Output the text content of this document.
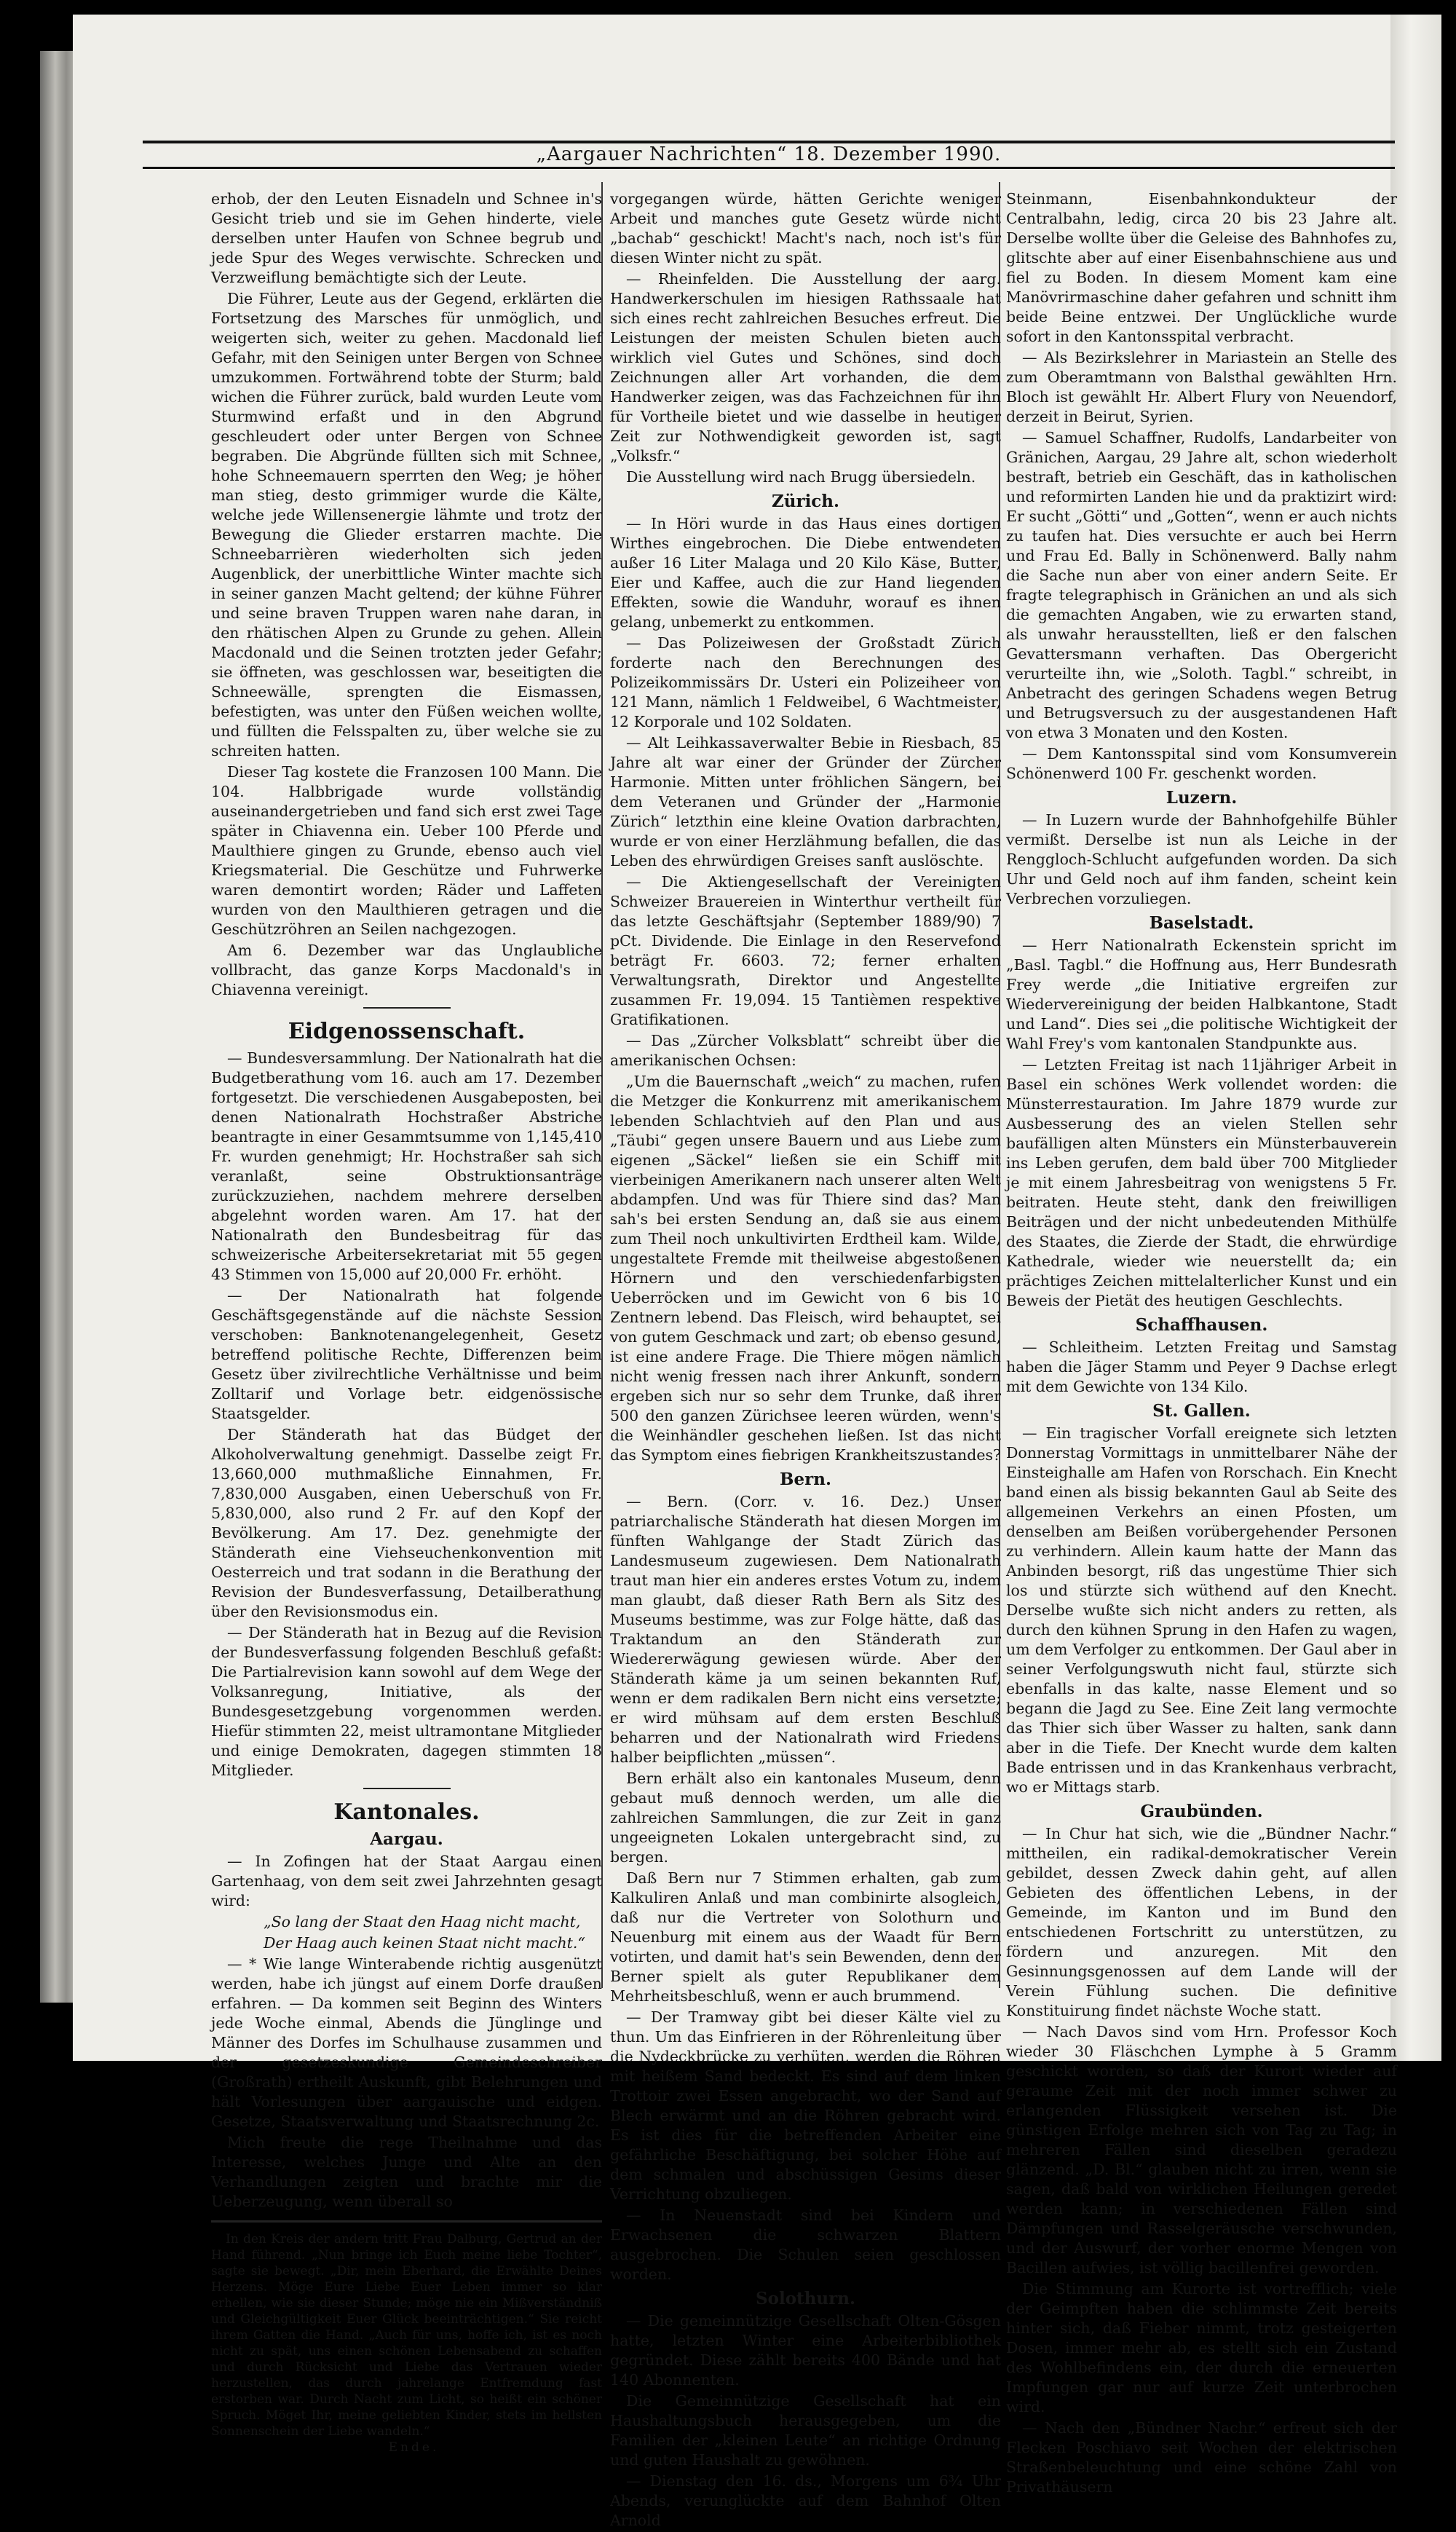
„Aargauer Nachrichten“ 18. Dezember 1990.

erhob, der den Leuten Eisnadeln und Schnee in's Gesicht trieb und sie im Gehen hinderte, viele derselben unter Haufen von Schnee begrub und jede Spur des Weges verwischte. Schrecken und Verzweiflung bemächtigte sich der Leute.

Die Führer, Leute aus der Gegend, erklärten die Fortsetzung des Marsches für unmöglich, und weigerten sich, weiter zu gehen. Macdonald lief Gefahr, mit den Seinigen unter Bergen von Schnee umzukommen. Fortwährend tobte der Sturm; bald wichen die Führer zurück, bald wurden Leute vom Sturmwind erfaßt und in den Abgrund geschleudert oder unter Bergen von Schnee begraben. Die Abgründe füllten sich mit Schnee, hohe Schneemauern sperrten den Weg; je höher man stieg, desto grimmiger wurde die Kälte, welche jede Willensenergie lähmte und trotz der Bewegung die Glieder erstarren machte. Die Schneebarrièren wiederholten sich jeden Augenblick, der unerbittliche Winter machte sich in seiner ganzen Macht geltend; der kühne Führer und seine braven Truppen waren nahe daran, in den rhätischen Alpen zu Grunde zu gehen. Allein Macdonald und die Seinen trotzten jeder Gefahr; sie öffneten, was geschlossen war, beseitigten die Schneewälle, sprengten die Eismassen, befestigten, was unter den Füßen weichen wollte, und füllten die Felsspalten zu, über welche sie zu schreiten hatten.

Dieser Tag kostete die Franzosen 100 Mann. Die 104. Halbbrigade wurde vollständig auseinandergetrieben und fand sich erst zwei Tage später in Chiavenna ein. Ueber 100 Pferde und Maulthiere gingen zu Grunde, ebenso auch viel Kriegsmaterial. Die Geschütze und Fuhrwerke waren demontirt worden; Räder und Laffeten wurden von den Maulthieren getragen und die Geschützröhren an Seilen nachgezogen.

Am 6. Dezember war das Unglaubliche vollbracht, das ganze Korps Macdonald's in Chiavenna vereinigt.

Eidgenossenschaft.

— Bundesversammlung. Der Nationalrath hat die Budgetberathung vom 16. auch am 17. Dezember fortgesetzt. Die verschiedenen Ausgabeposten, bei denen Nationalrath Hochstraßer Abstriche beantragte in einer Gesammtsumme von 1,145,410 Fr. wurden genehmigt; Hr. Hochstraßer sah sich veranlaßt, seine Obstruktionsanträge zurückzuziehen, nachdem mehrere derselben abgelehnt worden waren. Am 17. hat der Nationalrath den Bundesbeitrag für das schweizerische Arbeitersekretariat mit 55 gegen 43 Stimmen von 15,000 auf 20,000 Fr. erhöht.

— Der Nationalrath hat folgende Geschäftsgegenstände auf die nächste Session verschoben: Banknotenangelegenheit, Gesetz betreffend politische Rechte, Differenzen beim Gesetz über zivilrechtliche Verhältnisse und beim Zolltarif und Vorlage betr. eidgenössische Staatsgelder.

Der Ständerath hat das Büdget der Alkoholverwaltung genehmigt. Dasselbe zeigt Fr. 13,660,000 muthmaßliche Einnahmen, Fr. 7,830,000 Ausgaben, einen Ueberschuß von Fr. 5,830,000, also rund 2 Fr. auf den Kopf der Bevölkerung. Am 17. Dez. genehmigte der Ständerath eine Viehseuchenkonvention mit Oesterreich und trat sodann in die Berathung der Revision der Bundesverfassung, Detailberathung über den Revisionsmodus ein.

— Der Ständerath hat in Bezug auf die Revision der Bundesverfassung folgenden Beschluß gefaßt: Die Partialrevision kann sowohl auf dem Wege der Volksanregung, Initiative, als der Bundesgesetzgebung vorgenommen werden. Hiefür stimmten 22, meist ultramontane Mitglieder und einige Demokraten, dagegen stimmten 18 Mitglieder.

Kantonales.
Aargau.

— In Zofingen hat der Staat Aargau einen Gartenhaag, von dem seit zwei Jahrzehnten gesagt wird:

„So lang der Staat den Haag nicht macht,

Der Haag auch keinen Staat nicht macht.“

— * Wie lange Winterabende richtig ausgenützt werden, habe ich jüngst auf einem Dorfe draußen erfahren. — Da kommen seit Beginn des Winters jede Woche einmal, Abends die Jünglinge und Männer des Dorfes im Schulhause zusammen und der gesetzeskundige Gemeindeschreiber (Großrath) ertheilt Auskunft, gibt Belehrungen und hält Vorlesungen über aargauische und eidgen. Gesetze, Staatsverwaltung und Staatsrechnung 2c.

Mich freute die rege Theilnahme und das Interesse, welches Junge und Alte an den Verhandlungen zeigten und brachte mir die Ueberzeugung, wenn überall so

In den Kreis der andern tritt Frau Dalburg, Gertrud an der Hand führend. „Nun bringe ich Euch meine liebe Tochter“, sagte sie bewegt. „Dir, mein Eberhard, die Erwählte Deines Herzens. Möge Eure Liebe Euer Leben immer so klar erhellen, wie sie dieser Stunde; möge nie ein Mißverständniß und Gleichgültigkeit Euer Glück beeinträchtigen.“ Sie reicht ihrem Gatten die Hand. „Auch für uns, hoffe ich, ist es noch nicht zu spät, uns einen schönen Lebensabend zu schaffen und durch Rücksicht und Liebe das Vertrauen wieder herzustellen, das durch jahrelange Entfremdung fast erstorben war. Durch Nacht zum Licht, so heißt ein schöner Spruch. Möget Ihr, meine geliebten Kinder, stets im hellsten Sonnenschein der Liebe wandeln.“

Ende.

vorgegangen würde, hätten Gerichte weniger Arbeit und manches gute Gesetz würde nicht „bachab“ geschickt! Macht's nach, noch ist's für diesen Winter nicht zu spät.

— Rheinfelden. Die Ausstellung der aarg. Handwerkerschulen im hiesigen Rathssaale hat sich eines recht zahlreichen Besuches erfreut. Die Leistungen der meisten Schulen bieten auch wirklich viel Gutes und Schönes, sind doch Zeichnungen aller Art vorhanden, die dem Handwerker zeigen, was das Fachzeichnen für ihn für Vortheile bietet und wie dasselbe in heutiger Zeit zur Nothwendigkeit geworden ist, sagt „Volksfr.“

Die Ausstellung wird nach Brugg übersiedeln.

Zürich.

— In Höri wurde in das Haus eines dortigen Wirthes eingebrochen. Die Diebe entwendeten außer 16 Liter Malaga und 20 Kilo Käse, Butter, Eier und Kaffee, auch die zur Hand liegenden Effekten, sowie die Wanduhr, worauf es ihnen gelang, unbemerkt zu entkommen.

— Das Polizeiwesen der Großstadt Zürich forderte nach den Berechnungen des Polizeikommissärs Dr. Usteri ein Polizeiheer von 121 Mann, nämlich 1 Feldweibel, 6 Wachtmeister, 12 Korporale und 102 Soldaten.

— Alt Leihkassaverwalter Bebie in Riesbach, 85 Jahre alt war einer der Gründer der Zürcher Harmonie. Mitten unter fröhlichen Sängern, bei dem Veteranen und Gründer der „Harmonie Zürich“ letzthin eine kleine Ovation darbrachten, wurde er von einer Herzlähmung befallen, die das Leben des ehrwürdigen Greises sanft auslöschte.

— Die Aktiengesellschaft der Vereinigten Schweizer Brauereien in Winterthur vertheilt für das letzte Geschäftsjahr (September 1889/90) 7 pCt. Dividende. Die Einlage in den Reservefond beträgt Fr. 6603. 72; ferner erhalten Verwaltungsrath, Direktor und Angestellte zusammen Fr. 19,094. 15 Tantièmen respektive Gratifikationen.

— Das „Zürcher Volksblatt“ schreibt über die amerikanischen Ochsen:

„Um die Bauernschaft „weich“ zu machen, rufen die Metzger die Konkurrenz mit amerikanischem lebenden Schlachtvieh auf den Plan und aus „Täubi“ gegen unsere Bauern und aus Liebe zum eigenen „Säckel“ ließen sie ein Schiff mit vierbeinigen Amerikanern nach unserer alten Welt abdampfen. Und was für Thiere sind das? Man sah's bei ersten Sendung an, daß sie aus einem zum Theil noch unkultivirten Erdtheil kam. Wilde, ungestaltete Fremde mit theilweise abgestoßenen Hörnern und den verschiedenfarbigsten Ueberröcken und im Gewicht von 6 bis 10 Zentnern lebend. Das Fleisch, wird behauptet, sei von gutem Geschmack und zart; ob ebenso gesund, ist eine andere Frage. Die Thiere mögen nämlich nicht wenig fressen nach ihrer Ankunft, sondern ergeben sich nur so sehr dem Trunke, daß ihrer 500 den ganzen Zürichsee leeren würden, wenn's die Weinhändler geschehen ließen. Ist das nicht das Symptom eines fiebrigen Krankheitszustandes?

Bern.

— Bern. (Corr. v. 16. Dez.) Unser patriarchalische Ständerath hat diesen Morgen im fünften Wahlgange der Stadt Zürich das Landesmuseum zugewiesen. Dem Nationalrath traut man hier ein anderes erstes Votum zu, indem man glaubt, daß dieser Rath Bern als Sitz des Museums bestimme, was zur Folge hätte, daß das Traktandum an den Ständerath zur Wiedererwägung gewiesen würde. Aber der Ständerath käme ja um seinen bekannten Ruf, wenn er dem radikalen Bern nicht eins versetzte; er wird mühsam auf dem ersten Beschluß beharren und der Nationalrath wird Friedens halber beipflichten „müssen“.

Bern erhält also ein kantonales Museum, denn gebaut muß dennoch werden, um alle die zahlreichen Sammlungen, die zur Zeit in ganz ungeeigneten Lokalen untergebracht sind, zu bergen.

Daß Bern nur 7 Stimmen erhalten, gab zum Kalkuliren Anlaß und man combinirte alsogleich, daß nur die Vertreter von Solothurn und Neuenburg mit einem aus der Waadt für Bern votirten, und damit hat's sein Bewenden, denn der Berner spielt als guter Republikaner dem Mehrheitsbeschluß, wenn er auch brummend.

— Der Tramway gibt bei dieser Kälte viel zu thun. Um das Einfrieren in der Röhrenleitung über die Nydeckbrücke zu verhüten, werden die Röhren mit heißem Sand bedeckt. Es sind auf dem linken Trottoir zwei Essen angebracht, wo der Sand auf Blech erwärmt und an die Röhren gebracht wird. Es ist dies für die betreffenden Arbeiter eine gefährliche Beschäftigung, bei solcher Höhe auf dem schmalen und abschüssigen Gesims dieser Verrichtung obzuliegen.

— In Neuenstadt sind bei Kindern und Erwachsenen die schwarzen Blattern ausgebrochen. Die Schulen seien geschlossen worden.

Solothurn.

— Die gemeinnützige Gesellschaft Olten-Gösgen hatte, letzten Winter eine Arbeiterbibliothek gegründet. Diese zählt bereits 400 Bände und hat 140 Abonnenten.

Die Gemeinnützige Gesellschaft hat ein Haushaltungsbuch herausgegeben, um die Familien der „kleinen Leute“ an richtige Ordnung und guten Haushalt zu gewöhnen.

— Dienstag den 16. ds., Morgens um 6¾ Uhr Abends, verunglückte auf dem Bahnhof Olten Arnold

Steinmann, Eisenbahnkondukteur der Centralbahn, ledig, circa 20 bis 23 Jahre alt. Derselbe wollte über die Geleise des Bahnhofes zu, glitschte aber auf einer Eisenbahnschiene aus und fiel zu Boden. In diesem Moment kam eine Manövrirmaschine daher gefahren und schnitt ihm beide Beine entzwei. Der Unglückliche wurde sofort in den Kantonsspital verbracht.

— Als Bezirkslehrer in Mariastein an Stelle des zum Oberamtmann von Balsthal gewählten Hrn. Bloch ist gewählt Hr. Albert Flury von Neuendorf, derzeit in Beirut, Syrien.

— Samuel Schaffner, Rudolfs, Landarbeiter von Gränichen, Aargau, 29 Jahre alt, schon wiederholt bestraft, betrieb ein Geschäft, das in katholischen und reformirten Landen hie und da praktizirt wird: Er sucht „Götti“ und „Gotten“, wenn er auch nichts zu taufen hat. Dies versuchte er auch bei Herrn und Frau Ed. Bally in Schönenwerd. Bally nahm die Sache nun aber von einer andern Seite. Er fragte telegraphisch in Gränichen an und als sich die gemachten Angaben, wie zu erwarten stand, als unwahr herausstellten, ließ er den falschen Gevattersmann verhaften. Das Obergericht verurteilte ihn, wie „Soloth. Tagbl.“ schreibt, in Anbetracht des geringen Schadens wegen Betrug und Betrugsversuch zu der ausgestandenen Haft von etwa 3 Monaten und den Kosten.

— Dem Kantonsspital sind vom Konsumverein Schönenwerd 100 Fr. geschenkt worden.

Luzern.

— In Luzern wurde der Bahnhofgehilfe Bühler vermißt. Derselbe ist nun als Leiche in der Renggloch-Schlucht aufgefunden worden. Da sich Uhr und Geld noch auf ihm fanden, scheint kein Verbrechen vorzuliegen.

Baselstadt.

— Herr Nationalrath Eckenstein spricht im „Basl. Tagbl.“ die Hoffnung aus, Herr Bundesrath Frey werde „die Initiative ergreifen zur Wiedervereinigung der beiden Halbkantone, Stadt und Land“. Dies sei „die politische Wichtigkeit der Wahl Frey's vom kantonalen Standpunkte aus.

— Letzten Freitag ist nach 11jähriger Arbeit in Basel ein schönes Werk vollendet worden: die Münsterrestauration. Im Jahre 1879 wurde zur Ausbesserung des an vielen Stellen sehr baufälligen alten Münsters ein Münsterbauverein ins Leben gerufen, dem bald über 700 Mitglieder je mit einem Jahresbeitrag von wenigstens 5 Fr. beitraten. Heute steht, dank den freiwilligen Beiträgen und der nicht unbedeutenden Mithülfe des Staates, die Zierde der Stadt, die ehrwürdige Kathedrale, wieder wie neuerstellt da; ein prächtiges Zeichen mittelalterlicher Kunst und ein Beweis der Pietät des heutigen Geschlechts.

Schaffhausen.

— Schleitheim. Letzten Freitag und Samstag haben die Jäger Stamm und Peyer 9 Dachse erlegt mit dem Gewichte von 134 Kilo.

St. Gallen.

— Ein tragischer Vorfall ereignete sich letzten Donnerstag Vormittags in unmittelbarer Nähe der Einsteighalle am Hafen von Rorschach. Ein Knecht band einen als bissig bekannten Gaul ab Seite des allgemeinen Verkehrs an einen Pfosten, um denselben am Beißen vorübergehender Personen zu verhindern. Allein kaum hatte der Mann das Anbinden besorgt, riß das ungestüme Thier sich los und stürzte sich wüthend auf den Knecht. Derselbe wußte sich nicht anders zu retten, als durch den kühnen Sprung in den Hafen zu wagen, um dem Verfolger zu entkommen. Der Gaul aber in seiner Verfolgungswuth nicht faul, stürzte sich ebenfalls in das kalte, nasse Element und so begann die Jagd zu See. Eine Zeit lang vermochte das Thier sich über Wasser zu halten, sank dann aber in die Tiefe. Der Knecht wurde dem kalten Bade entrissen und in das Krankenhaus verbracht, wo er Mittags starb.

Graubünden.

— In Chur hat sich, wie die „Bündner Nachr.“ mittheilen, ein radikal-demokratischer Verein gebildet, dessen Zweck dahin geht, auf allen Gebieten des öffentlichen Lebens, in der Gemeinde, im Kanton und im Bund den entschiedenen Fortschritt zu unterstützen, zu fördern und anzuregen. Mit den Gesinnungsgenossen auf dem Lande will der Verein Fühlung suchen. Die definitive Konstituirung findet nächste Woche statt.

— Nach Davos sind vom Hrn. Professor Koch wieder 30 Fläschchen Lymphe à 5 Gramm geschickt worden, so daß der Kurort wieder auf geraume Zeit mit der noch immer schwer zu erlangenden Flüssigkeit versehen ist. Die günstigen Erfolge mehren sich von Tag zu Tag; in mehreren Fällen sind dieselben geradezu glänzend. „D. Bl.“ glauben nicht zu irren, wenn sie sagen, daß bald von wirklichen Heilungen geredet werden kann; in verschiedenen Fällen sind Dämpfungen und Rasselgeräusche verschwunden, und der Auswurf, der vorher enorme Mengen von Bacillen aufwies, ist völlig bacillenfrei geworden.

Die Stimmung am Kurorte ist vortrefflich; viele der Geimpften haben die schlimmste Zeit bereits hinter sich, daß Fieber nimmt, trotz gesteigerten Dosen, immer mehr ab, es stellt sich ein Zustand des Wohlbefindens ein, der durch die erneuerten Impfungen gar nur auf kurze Zeit unterbrochen wird.

— Nach den „Bündner Nachr.“ erfreut sich der Flecken Poschiavo seit Wochen der elektrischen Straßenbeleuchtung und eine schöne Zahl von Privathäusern
